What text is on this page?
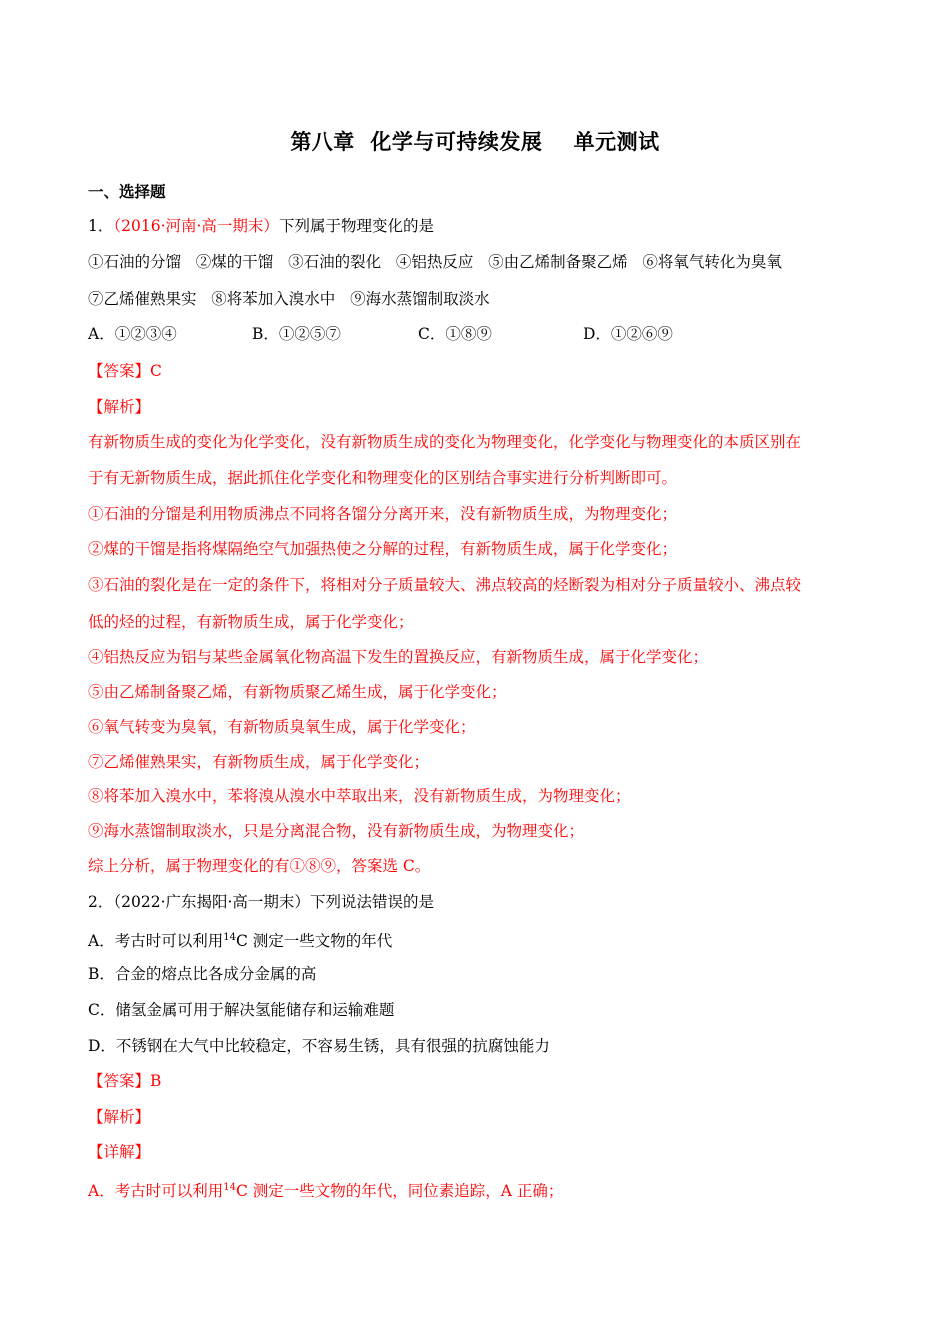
第八章  化学与可持续发展    单元测试
一、选择题
1．（2016·河南·高一期末）下列属于物理变化的是
①石油的分馏   ②煤的干馏   ③石油的裂化   ④铝热反应   ⑤由乙烯制备聚乙烯   ⑥将氧气转化为臭氧
⑦乙烯催熟果实   ⑧将苯加入溴水中   ⑨海水蒸馏制取淡水
A．①②③④	B．①②⑤⑦	C．①⑧⑨	D．①②⑥⑨
【答案】C
【解析】
有新物质生成的变化为化学变化，没有新物质生成的变化为物理变化，化学变化与物理变化的本质区别在
于有无新物质生成，据此抓住化学变化和物理变化的区别结合事实进行分析判断即可。
①石油的分馏是利用物质沸点不同将各馏分分离开来，没有新物质生成，为物理变化；
②煤的干馏是指将煤隔绝空气加强热使之分解的过程，有新物质生成，属于化学变化；
③石油的裂化是在一定的条件下，将相对分子质量较大、沸点较高的烃断裂为相对分子质量较小、沸点较
低的烃的过程，有新物质生成，属于化学变化；
④铝热反应为铝与某些金属氧化物高温下发生的置换反应，有新物质生成，属于化学变化；
⑤由乙烯制备聚乙烯，有新物质聚乙烯生成，属于化学变化；
⑥氧气转变为臭氧，有新物质臭氧生成，属于化学变化；
⑦乙烯催熟果实，有新物质生成，属于化学变化；
⑧将苯加入溴水中，苯将溴从溴水中萃取出来，没有新物质生成，为物理变化；
⑨海水蒸馏制取淡水，只是分离混合物，没有新物质生成，为物理变化；
综上分析，属于物理变化的有①⑧⑨，答案选 C。
2．（2022·广东揭阳·高一期末）下列说法错误的是
A．考古时可以利用$^{14}$C 测定一些文物的年代
B．合金的熔点比各成分金属的高
C．储氢金属可用于解决氢能储存和运输难题
D．不锈钢在大气中比较稳定，不容易生锈，具有很强的抗腐蚀能力
【答案】B
【解析】
【详解】
A．考古时可以利用$^{14}$C 测定一些文物的年代，同位素追踪，A 正确；
